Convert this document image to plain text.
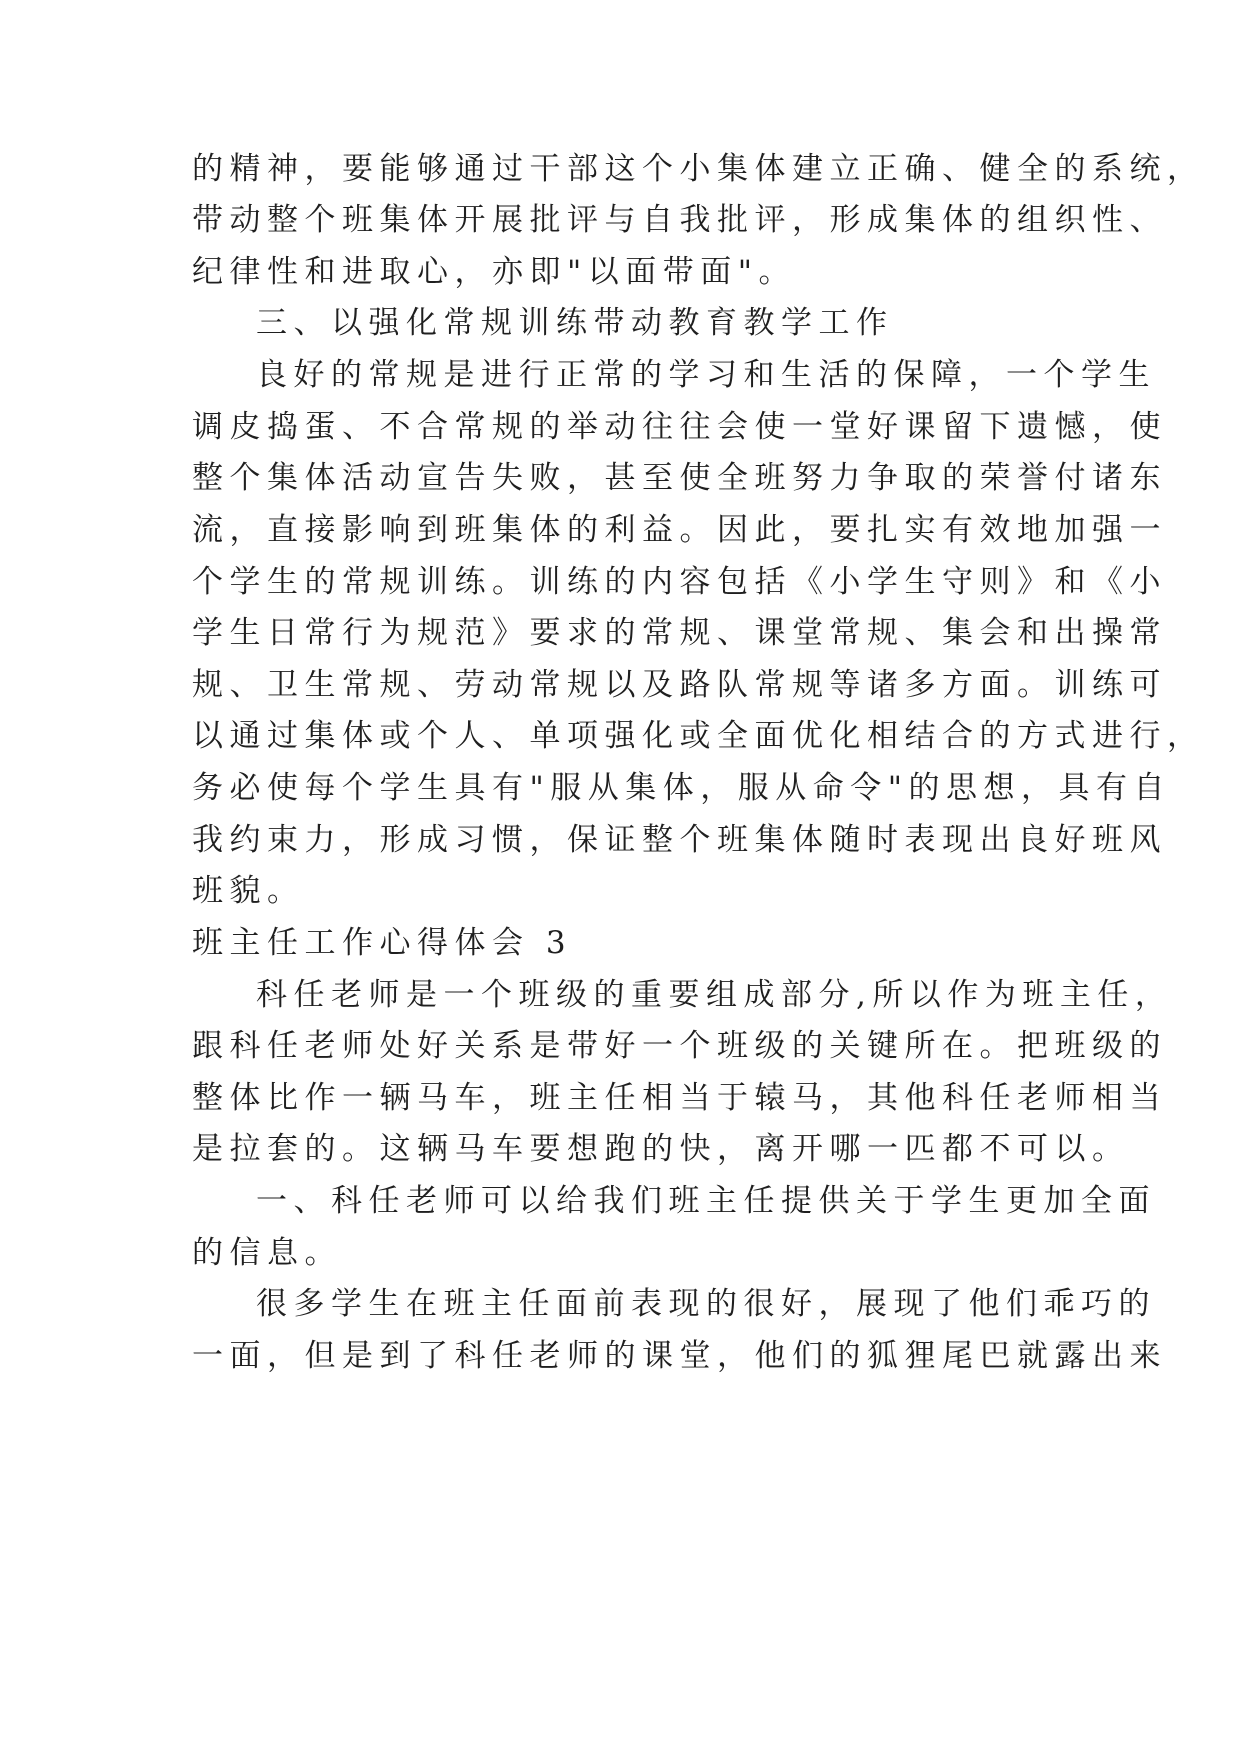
的精神，要能够通过干部这个小集体建立正确、健全的系统，
带动整个班集体开展批评与自我批评，形成集体的组织性、
纪律性和进取心，亦即"以面带面"。
三、以强化常规训练带动教育教学工作
良好的常规是进行正常的学习和生活的保障，一个学生
调皮捣蛋、不合常规的举动往往会使一堂好课留下遗憾，使
整个集体活动宣告失败，甚至使全班努力争取的荣誉付诸东
流，直接影响到班集体的利益。因此，要扎实有效地加强一
个学生的常规训练。训练的内容包括《小学生守则》和《小
学生日常行为规范》要求的常规、课堂常规、集会和出操常
规、卫生常规、劳动常规以及路队常规等诸多方面。训练可
以通过集体或个人、单项强化或全面优化相结合的方式进行，
务必使每个学生具有"服从集体，服从命令"的思想，具有自
我约束力，形成习惯，保证整个班集体随时表现出良好班风
班貌。
班主任工作心得体会 3
科任老师是一个班级的重要组成部分,所以作为班主任，
跟科任老师处好关系是带好一个班级的关键所在。把班级的
整体比作一辆马车，班主任相当于辕马，其他科任老师相当
是拉套的。这辆马车要想跑的快，离开哪一匹都不可以。
一、科任老师可以给我们班主任提供关于学生更加全面
的信息。
很多学生在班主任面前表现的很好，展现了他们乖巧的
一面，但是到了科任老师的课堂，他们的狐狸尾巴就露出来
